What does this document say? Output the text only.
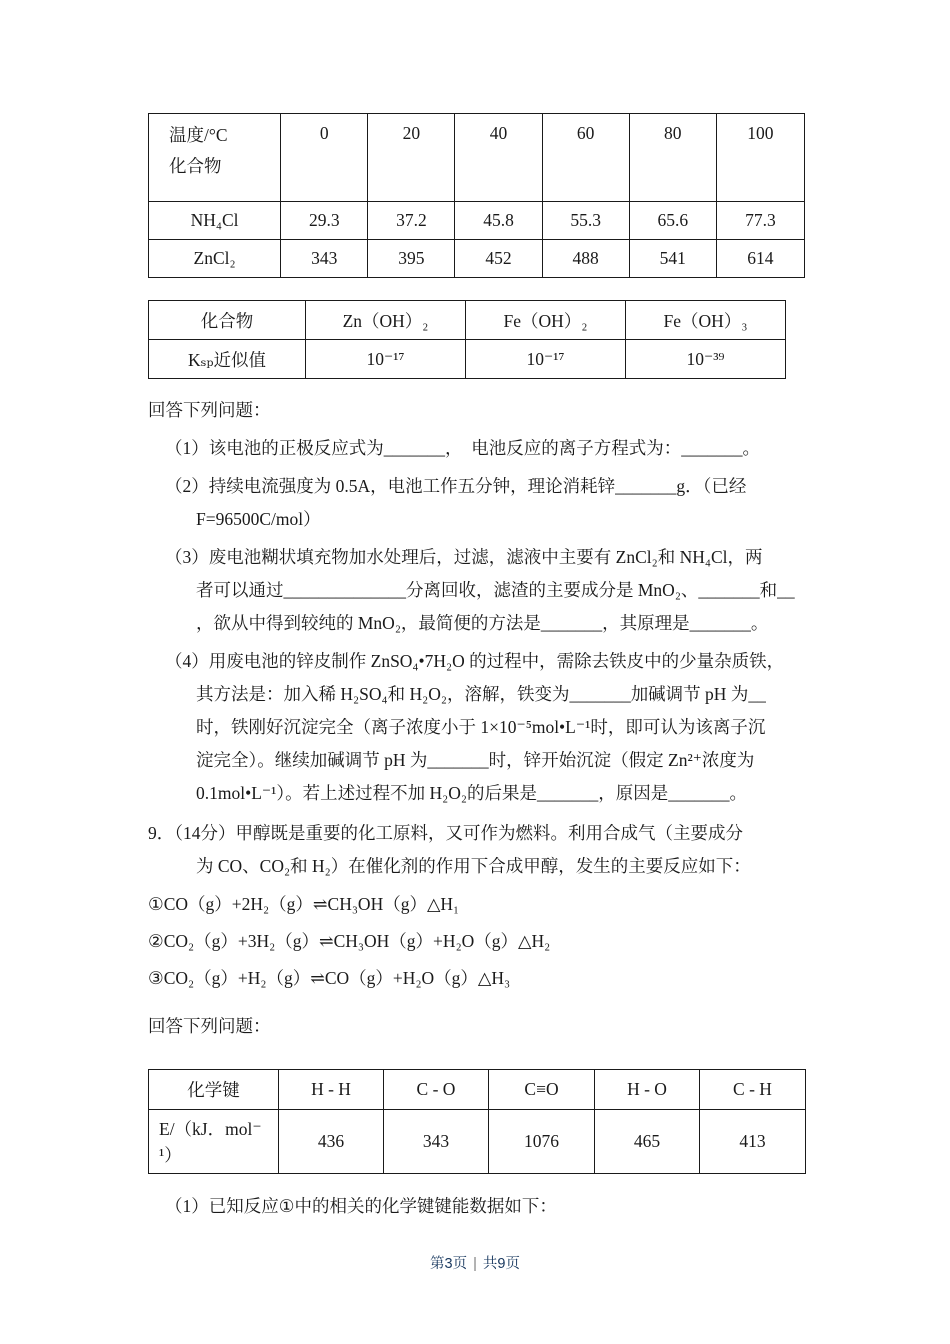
温度/°C
化合物	0	20	40	60	80	100
NH₄Cl	29.3	37.2	45.8	55.3	65.6	77.3
ZnCl₂	343	395	452	488	541	614
化合物	Zn（OH）₂	Fe（OH）₂	Fe（OH）₃
Kₛₚ近似值	10⁻¹⁷	10⁻¹⁷	10⁻³⁹
回答下列问题：
（1）该电池的正极反应式为_______，　电池反应的离子方程式为：_______。
（2）持续电流强度为 0.5A，电池工作五分钟，理论消耗锌_______g．（已经
F=96500C/mol）
（3）废电池糊状填充物加水处理后，过滤，滤液中主要有 ZnCl₂和 NH₄Cl，两
者可以通过______________分离回收，滤渣的主要成分是 MnO₂、_______和__
，欲从中得到较纯的 MnO₂，最简便的方法是_______，其原理是_______。
（4）用废电池的锌皮制作 ZnSO₄•7H₂O 的过程中，需除去铁皮中的少量杂质铁，
其方法是：加入稀 H₂SO₄和 H₂O₂，溶解，铁变为_______加碱调节 pH 为__
时，铁刚好沉淀完全（离子浓度小于 1×10⁻⁵mol•L⁻¹时，即可认为该离子沉
淀完全）。继续加碱调节 pH 为_______时，锌开始沉淀（假定 Zn²⁺浓度为
0.1mol•L⁻¹）。若上述过程不加 H₂O₂的后果是_______，原因是_______。
9．（14分）甲醇既是重要的化工原料，又可作为燃料。利用合成气（主要成分
为 CO、CO₂和 H₂）在催化剂的作用下合成甲醇，发生的主要反应如下：
①CO（g）+2H₂（g）⇌CH₃OH（g）△H₁
②CO₂（g）+3H₂（g）⇌CH₃OH（g）+H₂O（g）△H₂
③CO₂（g）+H₂（g）⇌CO（g）+H₂O（g）△H₃
回答下列问题：
化学键	H - H	C - O	C≡O	H - O	C - H

E/（kJ．mol⁻
¹）	436	343	1076	465	413
（1）已知反应①中的相关的化学键键能数据如下：
第3页 | 共9页
